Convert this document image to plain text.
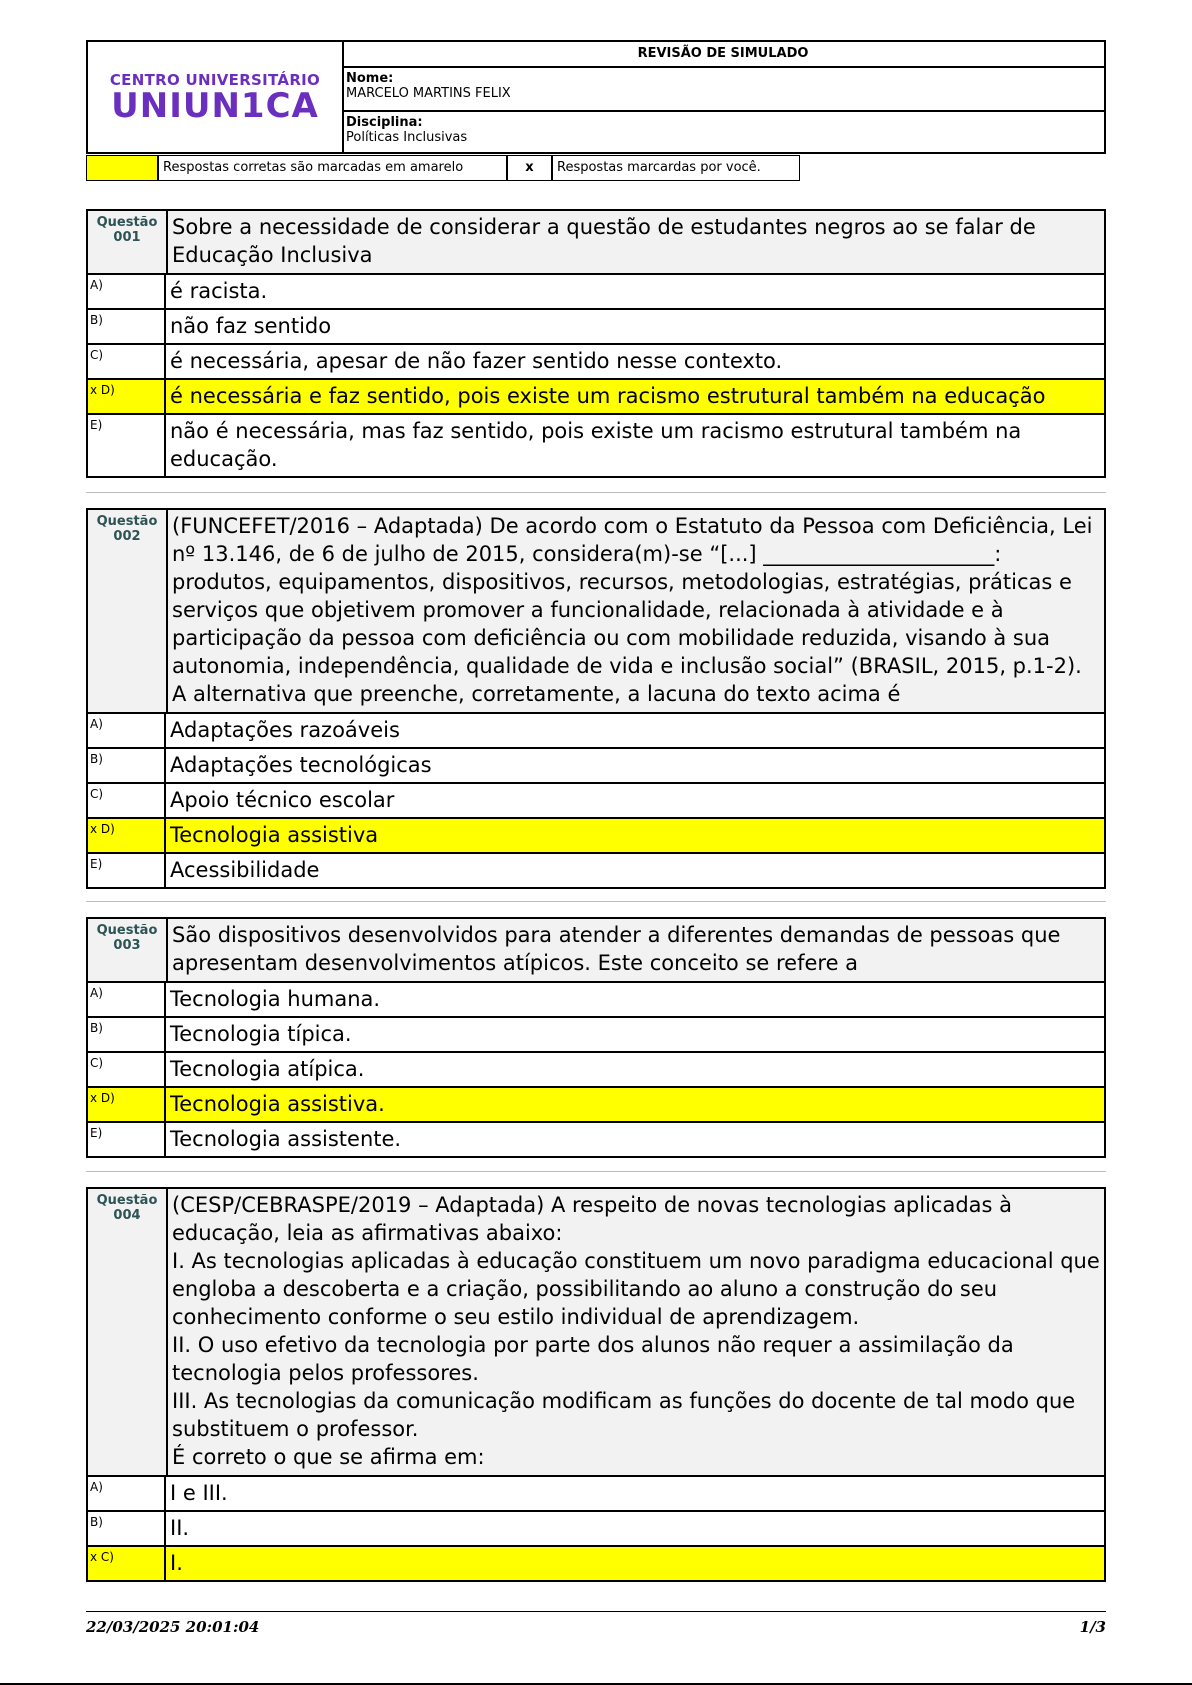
CENTRO UNIVERSITÁRIO
UNIUN1CA
REVISÃO DE SIMULADO
Nome:
MARCELO MARTINS FELIX
Disciplina:
Políticas Inclusivas
Respostas corretas são marcadas em amarelo	x	Respostas marcardas por você.
Questão
001	Sobre a necessidade de considerar a questão de estudantes negros ao se falar de Educação Inclusiva
A)	é racista.
B)	não faz sentido
C)	é necessária, apesar de não fazer sentido nesse contexto.
x D)	é necessária e faz sentido, pois existe um racismo estrutural também na educação
E)	não é necessária, mas faz sentido, pois existe um racismo estrutural também na educação.
Questão
002	(FUNCEFET/2016 – Adaptada) De acordo com o Estatuto da Pessoa com Deficiência, Lei nº 13.146, de 6 de julho de 2015, considera(m)-se “[...] ______________________: produtos, equipamentos, dispositivos, recursos, metodologias, estratégias, práticas e serviços que objetivem promover a funcionalidade, relacionada à atividade e à participação da pessoa com deficiência ou com mobilidade reduzida, visando à sua autonomia, independência, qualidade de vida e inclusão social” (BRASIL, 2015, p.1-2). A alternativa que preenche, corretamente, a lacuna do texto acima é
A)	Adaptações razoáveis
B)	Adaptações tecnológicas
C)	Apoio técnico escolar
x D)	Tecnologia assistiva
E)	Acessibilidade
Questão
003	São dispositivos desenvolvidos para atender a diferentes demandas de pessoas que apresentam desenvolvimentos atípicos. Este conceito se refere a
A)	Tecnologia humana.
B)	Tecnologia típica.
C)	Tecnologia atípica.
x D)	Tecnologia assistiva.
E)	Tecnologia assistente.
Questão
004	(CESP/CEBRASPE/2019 – Adaptada) A respeito de novas tecnologias aplicadas à educação, leia as afirmativas abaixo:
I. As tecnologias aplicadas à educação constituem um novo paradigma educacional que engloba a descoberta e a criação, possibilitando ao aluno a construção do seu conhecimento conforme o seu estilo individual de aprendizagem.
II. O uso efetivo da tecnologia por parte dos alunos não requer a assimilação da tecnologia pelos professores.
III. As tecnologias da comunicação modificam as funções do docente de tal modo que substituem o professor.
É correto o que se afirma em:
A)	I e III.
B)	II.
x C)	I.
22/03/2025 20:01:04	1/3
